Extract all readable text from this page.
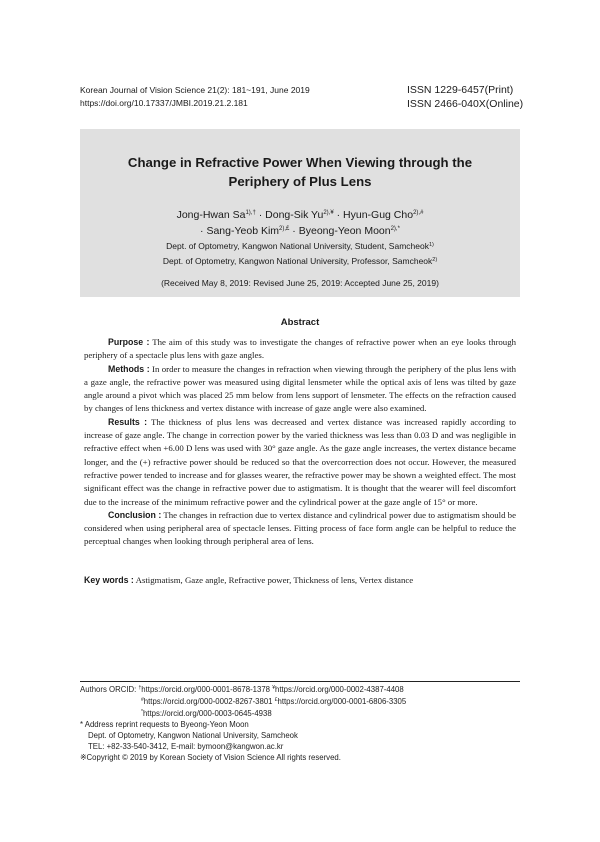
Korean Journal of Vision Science 21(2): 181~191, June 2019
https://doi.org/10.17337/JMBI.2019.21.2.181
ISSN 1229-6457(Print)
ISSN 2466-040X(Online)
Change in Refractive Power When Viewing through the
Periphery of Plus Lens
Jong-Hwan $Sa^{1),\dagger}$ · Dong-Sik $Yu^{2),¥}$ · Hyun-Gug Cho$^{2),\#}$
· Sang-Yeob Kim$^{2),£}$ · Byeong-Yeon Moon$^{2),*}$
Dept. of Optometry, Kangwon National University, Student, Samcheok$^{1)}$
Dept. of Optometry, Kangwon National University, Professor, Samcheok$^{2)}$
(Received May 8, 2019: Revised June 25, 2019: Accepted June 25, 2019)
Abstract

Purpose : The aim of this study was to investigate the changes of refractive power when an eye looks through periphery of a spectacle plus lens with gaze angles.

Methods : In order to measure the changes in refraction when viewing through the periphery of the plus lens with a gaze angle, the refractive power was measured using digital lensmeter while the optical axis of lens was tilted by gaze angle around a pivot which was placed 25 mm below from lens support of lensmeter. The effects on the refraction caused by changes of lens thickness and vertex distance with increase of gaze angle were also examined.

Results : The thickness of plus lens was decreased and vertex distance was increased rapidly according to increase of gaze angle. The change in correction power by the varied thickness was less than 0.03 D and was negligible in refractive effect when +6.00 D lens was used with 30° gaze angle. As the gaze angle increases, the vertex distance became longer, and the (+) refractive power should be reduced so that the overcorrection does not occur. However, the measured refractive power tended to increase and for glasses wearer, the refractive power may be shown a weighted effect. The most significant effect was the change in refractive power due to astigmatism. It is thought that the wearer will feel discomfort due to the increase of the minimum refractive power and the cylindrical power at the gaze angle of 15° or more.

Conclusion : The changes in refraction due to vertex distance and cylindrical power due to astigmatism should be considered when using peripheral area of spectacle lenses. Fitting process of face form angle can be helpful to reduce the perceptual changes when looking through peripheral area of lens.

Key words : Astigmatism, Gaze angle, Refractive power, Thickness of lens, Vertex distance
Authors ORCID: †https://orcid.org/000-0001-8678-1378 ¥https://orcid.org/000-0002-4387-4408
#https://orcid.org/000-0002-8267-3801 £https://orcid.org/000-0001-6806-3305
*https://orcid.org/000-0003-0645-4938
* Address reprint requests to Byeong-Yeon Moon
Dept. of Optometry, Kangwon National University, Samcheok
TEL: +82-33-540-3412, E-mail: bymoon@kangwon.ac.kr
※Copyright © 2019 by Korean Society of Vision Science All rights reserved.
